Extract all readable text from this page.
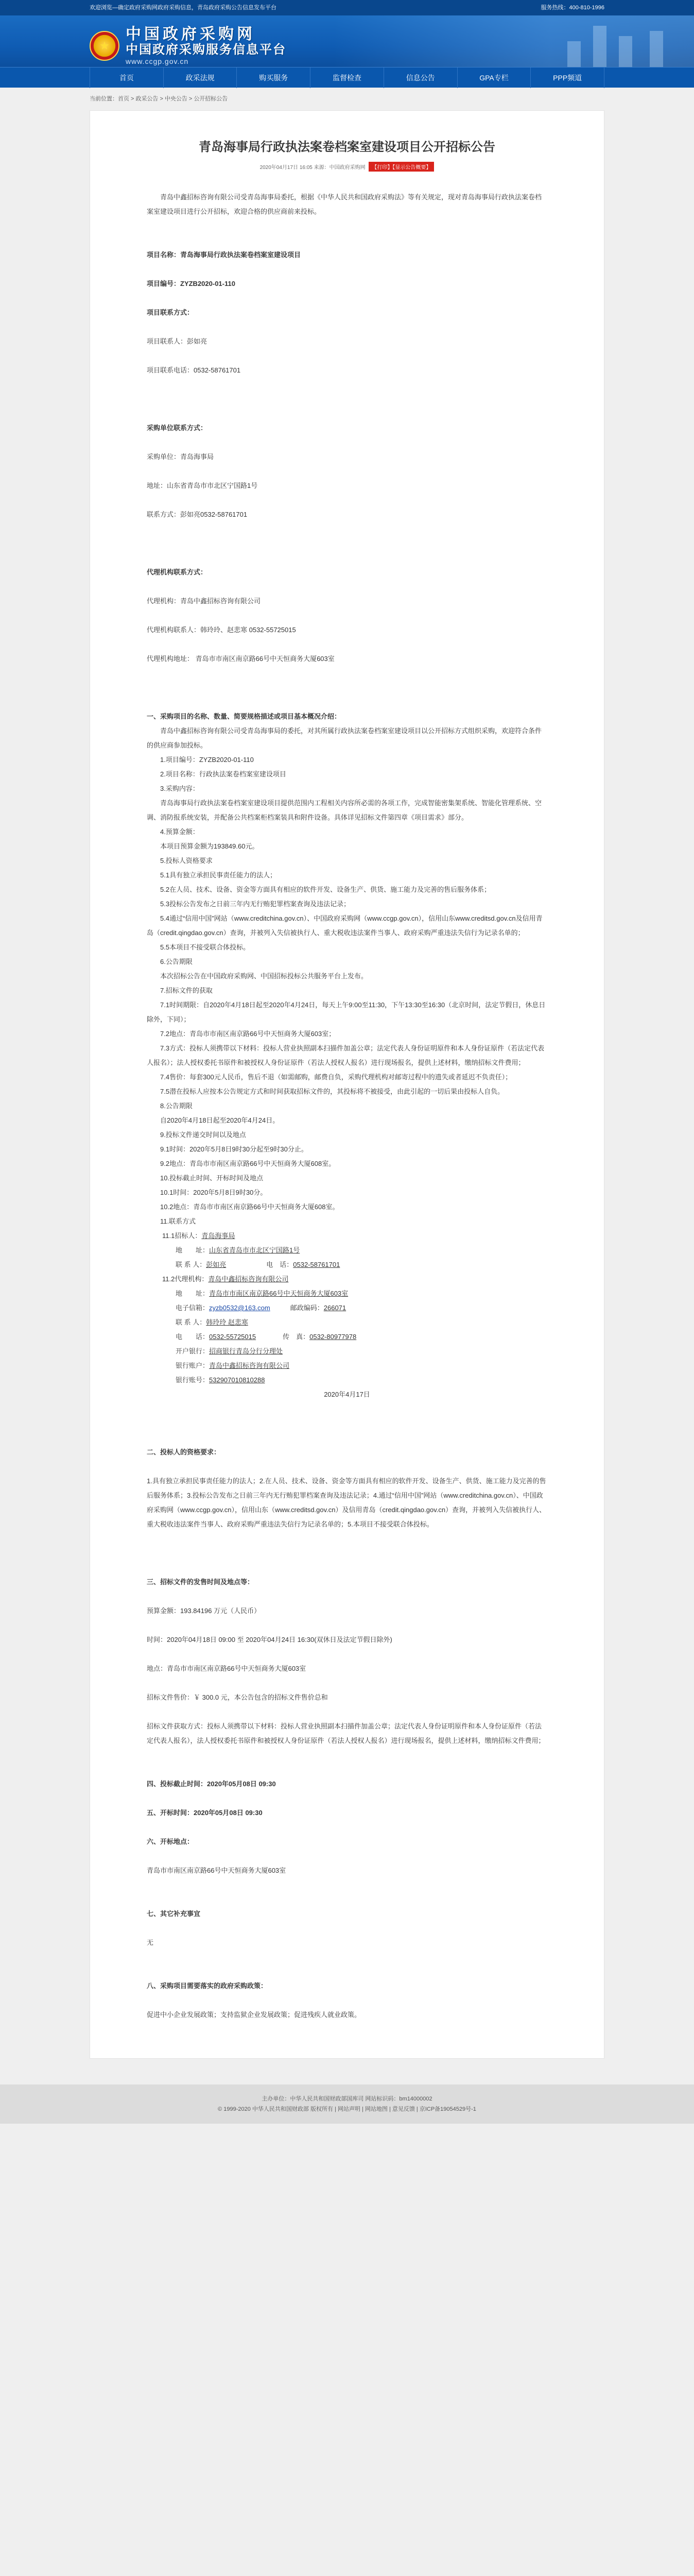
欢迎浏览—确定政府采购网政府采购信息，青岛政府采购公告信息发布平台	服务热线：400-810-1996
★
中国政府采购网
中国政府采购服务信息平台
www.ccgp.gov.cn
首页	政采法规	购买服务	监督检查	信息公告	GPA专栏	PPP频道
当前位置：首页 > 政采公告 > 中央公告 > 公开招标公告
青岛海事局行政执法案卷档案室建设项目公开招标公告
2020年04月17日 16:05 来源：中国政府采购网 【打印】【显示公告概要】

青岛中鑫招标咨询有限公司受青岛海事局委托，根据《中华人民共和国政府采购法》等有关规定，现对青岛海事局行政执法案卷档案室建设项目进行公开招标，欢迎合格的供应商前来投标。

项目名称：青岛海事局行政执法案卷档案室建设项目

项目编号：ZYZB2020-01-110

项目联系方式：

项目联系人：彭如亮

项目联系电话：0532-58761701

采购单位联系方式：

采购单位：青岛海事局

地址：山东省青岛市市北区宁国路1号

联系方式：彭如亮0532-58761701

代理机构联系方式：

代理机构：青岛中鑫招标咨询有限公司

代理机构联系人：韩玲玲、赵悲寒 0532-55725015

代理机构地址： 青岛市市南区南京路66号中天恒商务大厦603室

一、采购项目的名称、数量、简要规格描述或项目基本概况介绍：

青岛中鑫招标咨询有限公司受青岛海事局的委托，对其所属行政执法案卷档案室建设项目以公开招标方式组织采购，欢迎符合条件的供应商参加投标。

1.项目编号：ZYZB2020-01-110

2.项目名称：行政执法案卷档案室建设项目

3.采购内容：

青岛海事局行政执法案卷档案室建设项目提供范围内工程相关内容所必需的各项工作，完成智能密集架系统、智能化管理系统、空调、消防报系统安装，并配备公共档案柜档案装具和附件设备。具体详见招标文件第四章《项目需求》部分。

4.预算金额：

本项目预算金额为193849.60元。

5.投标人资格要求

5.1具有独立承担民事责任能力的法人；

5.2在人员、技术、设备、资金等方面具有相应的软件开发、设备生产、供货、施工能力及完善的售后服务体系；

5.3投标公告发布之日前三年内无行贿犯罪档案查询及违法记录；

5.4通过“信用中国”网站（www.creditchina.gov.cn）、中国政府采购网（www.ccgp.gov.cn），信用山东www.creditsd.gov.cn及信用青岛（credit.qingdao.gov.cn）查询，并被列入失信被执行人、重大税收违法案件当事人、政府采购严重违法失信行为记录名单的；

5.5本项目不接受联合体投标。

6.公告期限

本次招标公告在中国政府采购网、中国招标投标公共服务平台上发布。

7.招标文件的获取

7.1时间期限：自2020年4月18日起至2020年4月24日，每天上午9:00至11:30，下午13:30至16:30（北京时间，法定节假日，休息日除外，下同）；

7.2地点：青岛市市南区南京路66号中天恒商务大厦603室；

7.3方式：投标人须携带以下材料：投标人营业执照副本扫描件加盖公章；法定代表人身份证明原件和本人身份证原件（若法定代表人报名）；法人授权委托书原件和被授权人身份证原件（若法人授权人报名）进行现场报名，提供上述材料，缴纳招标文件费用；

7.4售价：每套300元人民币，售后不退（如需邮购，邮费自负，采购代理机构对邮寄过程中的遗失或者延迟不负责任）；

7.5潜在投标人应按本公告规定方式和时间获取招标文件的，其投标将不被接受，由此引起的一切后果由投标人自负。

8.公告期限

自2020年4月18日起至2020年4月24日。

9.投标文件递交时间以及地点

9.1时间：2020年5月8日9时30分起至9时30分止。

9.2地点：青岛市市南区南京路66号中天恒商务大厦608室。

10.投标截止时间、开标时间及地点

10.1时间：2020年5月8日9时30分。

10.2地点：青岛市市南区南京路66号中天恒商务大厦608室。

11.联系方式

11.1招标人：青岛海事局

  地　　址：山东省青岛市市北区宁国路1号

  联 系 人：彭如亮      	电　话：0532-58761701

11.2代理机构：青岛中鑫招标咨询有限公司

  地　　址：青岛市市南区南京路66号中天恒商务大厦603室

  电子信箱：zyzb0532@163.com   	邮政编码：266071

  联 系 人：韩玲玲 赵悲寒

  电　　话：0532-55725015    	传　真：0532-80977978

  开户银行：招商银行青岛分行分理处

  银行账户：青岛中鑫招标咨询有限公司

  银行账号：532907010810288

2020年4月17日

二、投标人的资格要求：

1.具有独立承担民事责任能力的法人；2.在人员、技术、设备、资金等方面具有相应的软件开发、设备生产、供货、施工能力及完善的售后服务体系；3.投标公告发布之日前三年内无行贿犯罪档案查询及违法记录；4.通过“信用中国”网站（www.creditchina.gov.cn）、中国政府采购网（www.ccgp.gov.cn），信用山东（www.creditsd.gov.cn）及信用青岛（credit.qingdao.gov.cn）查询，并被列入失信被执行人、重大税收违法案件当事人、政府采购严重违法失信行为记录名单的；5.本项目不接受联合体投标。

三、招标文件的发售时间及地点等：

预算金额：193.84196 万元（人民币）

时间：2020年04月18日 09:00 至 2020年04月24日 16:30(双休日及法定节假日除外)

地点：青岛市市南区南京路66号中天恒商务大厦603室

招标文件售价：￥ 300.0 元，本公告包含的招标文件售价总和

招标文件获取方式：投标人须携带以下材料：投标人营业执照副本扫描件加盖公章；法定代表人身份证明原件和本人身份证原件（若法定代表人报名），法人授权委托书原件和被授权人身份证原件（若法人授权人报名）进行现场报名，提供上述材料，缴纳招标文件费用；

四、投标截止时间：2020年05月08日 09:30

五、开标时间：2020年05月08日 09:30

六、开标地点：

青岛市市南区南京路66号中天恒商务大厦603室

七、其它补充事宜

无

八、采购项目需要落实的政府采购政策：

促进中小企业发展政策；支持监狱企业发展政策；促进残疾人就业政策。

主办单位：中华人民共和国财政部国库司 网站标识码：bm14000002
© 1999-2020 中华人民共和国财政部 版权所有 | 网站声明 | 网站地图 | 意见反馈 | 京ICP备19054529号-1
